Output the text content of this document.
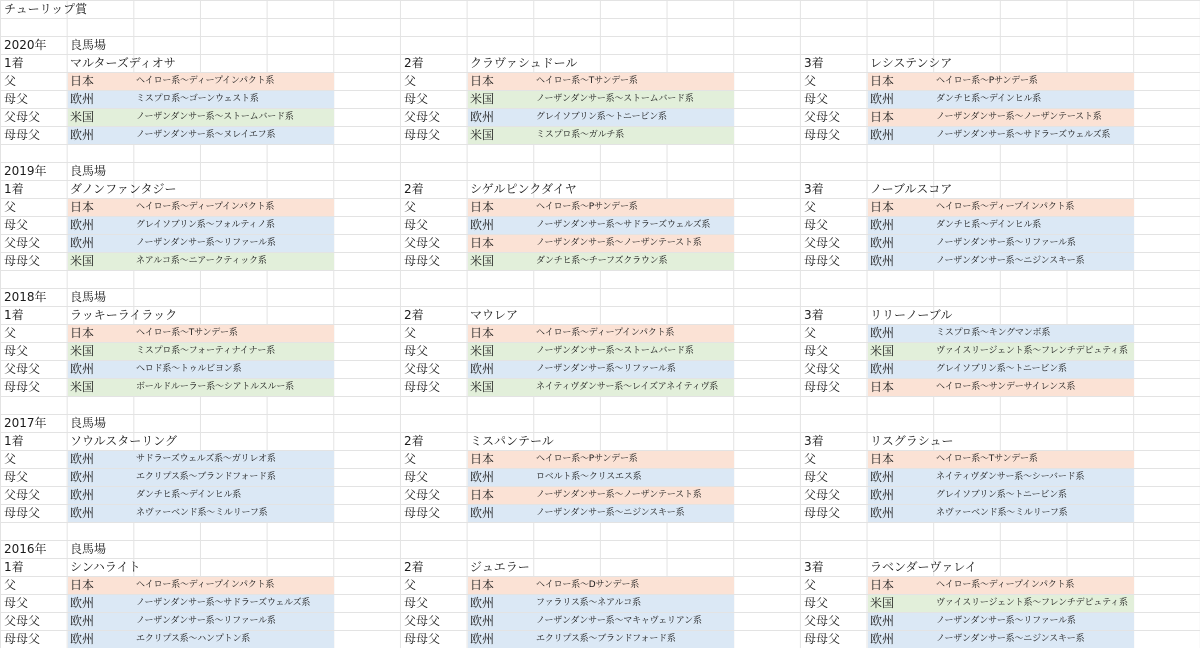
チューリップ賞
2020年 良馬場
1着	マルターズディオサ
父	日本	ヘイロー系～ディープインパクト系
母父	欧州	ミスプロ系～ゴーンウェスト系
父母父 米国	ノーザンダンサー系～ストームバード系
母母父 欧州	ノーザンダンサー系～ヌレイエフ系
2着	クラヴァシュドール
父	日本	ヘイロー系～Tサンデー系
母父	米国	ノーザンダンサー系～ストームバード系
父母父 欧州	グレイソブリン系～トニービン系
母母父 米国	ミスプロ系～ガルチ系
3着	レシステンシア
父	日本	ヘイロー系～Pサンデー系
母父	欧州	ダンチヒ系～デインヒル系
父母父 日本	ノーザンダンサー系～ノーザンテースト系
母母父 欧州	ノーザンダンサー系～サドラーズウェルズ系
2019年 良馬場
1着	ダノンファンタジー
父	日本	ヘイロー系～ディープインパクト系
母父	欧州	グレイソブリン系～フォルティノ系
父母父 欧州	ノーザンダンサー系～リファール系
母母父 米国	ネアルコ系～ニアークティック系
2着	シゲルピンクダイヤ
父	日本	ヘイロー系～Pサンデー系
母父	欧州	ノーザンダンサー系～サドラーズウェルズ系
父母父 日本	ノーザンダンサー系～ノーザンテースト系
母母父 米国	ダンチヒ系～チーフズクラウン系
3着	ノーブルスコア
父	日本	ヘイロー系～ディープインパクト系
母父	欧州	ダンチヒ系～デインヒル系
父母父 欧州	ノーザンダンサー系～リファール系
母母父 欧州	ノーザンダンサー系～ニジンスキー系
2018年 良馬場
1着	ラッキーライラック
父	日本	ヘイロー系～Tサンデー系
母父	米国	ミスプロ系～フォーティナイナー系
父母父 欧州	ヘロド系～トゥルビヨン系
母母父 米国	ボールドルーラー系～シアトルスルー系
2着	マウレア
父	日本	ヘイロー系～ディープインパクト系
母父	米国	ノーザンダンサー系～ストームバード系
父母父 欧州	ノーザンダンサー系～リファール系
母母父 米国	ネイティヴダンサー系～レイズアネイティヴ系
3着	リリーノーブル
父	欧州	ミスプロ系～キングマンボ系
母父	米国	ヴァイスリージェント系～フレンチデピュティ系
父母父 欧州	グレイソブリン系～トニービン系
母母父 日本	ヘイロー系～サンデーサイレンス系
2017年 良馬場
1着	ソウルスターリング
父	欧州	サドラーズウェルズ系～ガリレオ系
母父	欧州	エクリプス系～ブランドフォード系
父母父 欧州	ダンチヒ系～デインヒル系
母母父 欧州	ネヴァーベンド系～ミルリーフ系
2着	ミスパンテール
父	日本	ヘイロー系～Pサンデー系
母父	欧州	ロベルト系～クリスエス系
父母父 日本	ノーザンダンサー系～ノーザンテースト系
母母父 欧州	ノーザンダンサー系～ニジンスキー系
3着	リスグラシュー
父	日本	ヘイロー系～Tサンデー系
母父	欧州	ネイティヴダンサー系～シーバード系
父母父 欧州	グレイソブリン系～トニービン系
母母父 欧州	ネヴァーベンド系～ミルリーフ系
2016年 良馬場
1着	シンハライト
父	日本	ヘイロー系～ディープインパクト系
母父	欧州	ノーザンダンサー系～サドラーズウェルズ系
父母父 欧州	ノーザンダンサー系～リファール系
母母父 欧州	エクリプス系～ハンプトン系
2着	ジュエラー
父	日本	ヘイロー系～Dサンデー系
母父	欧州	ファラリス系～ネアルコ系
父母父 欧州	ノーザンダンサー系～マキャヴェリアン系
母母父 欧州	エクリプス系～ブランドフォード系
3着	ラベンダーヴァレイ
父	日本	ヘイロー系～ディープインパクト系
母父	米国	ヴァイスリージェント系～フレンチデピュティ系
父母父 欧州	ノーザンダンサー系～リファール系
母母父 欧州	ノーザンダンサー系～ニジンスキー系
